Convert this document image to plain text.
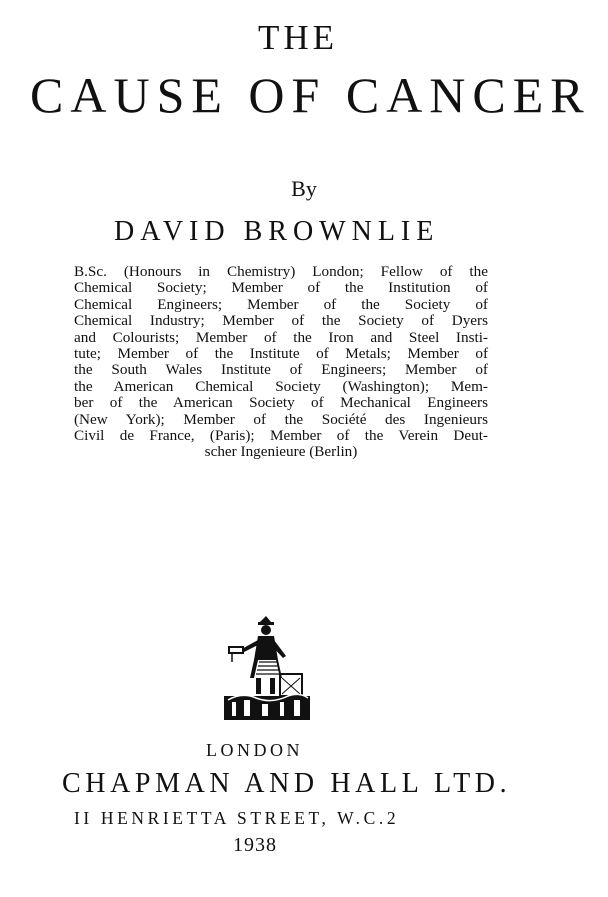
THE
CAUSE OF CANCER
By
DAVID BROWNLIE
B.Sc. (Honours in Chemistry) London; Fellow of the
Chemical Society; Member of the Institution of
Chemical Engineers; Member of the Society of
Chemical Industry; Member of the Society of Dyers
and Colourists; Member of the Iron and Steel Insti-
tute; Member of the Institute of Metals; Member of
the South Wales Institute of Engineers; Member of
the American Chemical Society (Washington); Mem-
ber of the American Society of Mechanical Engineers
(New York); Member of the Société des Ingenieurs
Civil de France, (Paris); Member of the Verein Deut-
scher Ingenieure (Berlin)
LONDON
CHAPMAN AND HALL LTD.
II HENRIETTA STREET, W.C.2
1938
